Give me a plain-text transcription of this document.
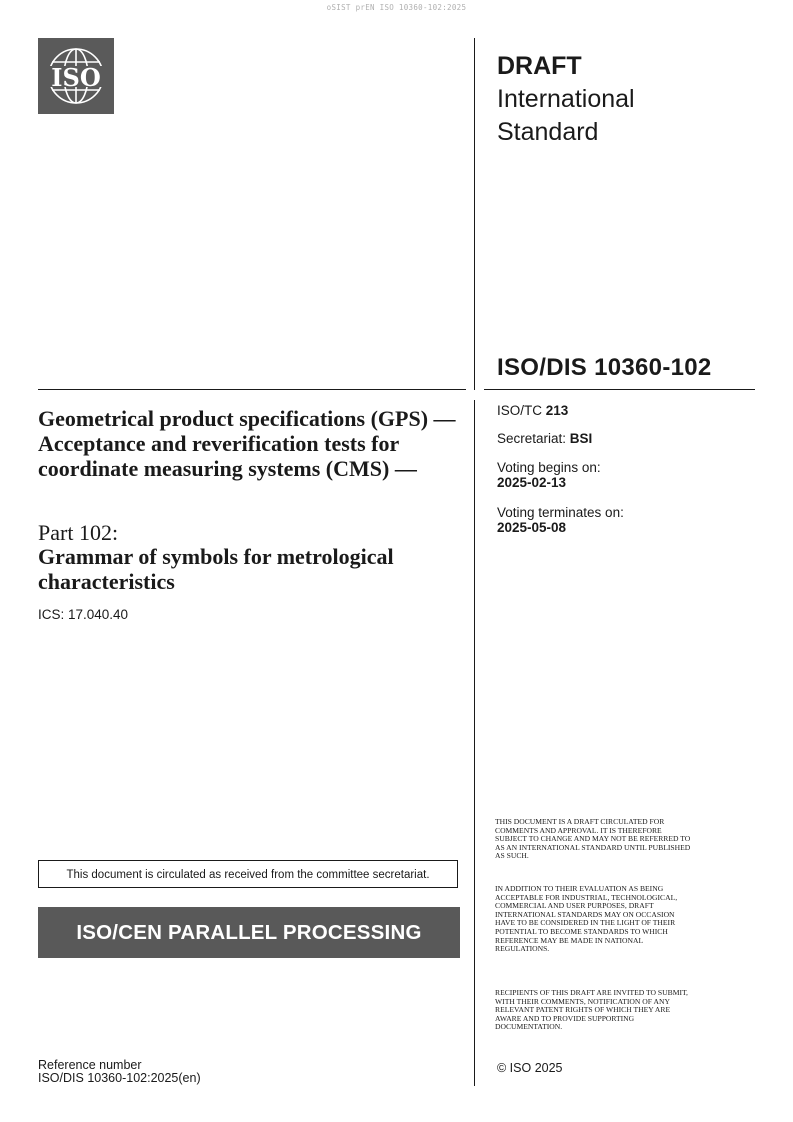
oSIST prEN ISO 10360-102:2025
ISO	DRAFT
International
Standard
ISO/DIS 10360-102
Geometrical product specifications (GPS) — Acceptance and reverification tests for coordinate measuring systems (CMS) —
Part 102:
Grammar of symbols for metrological characteristics
ICS: 17.040.40
ISO/TC 213
Secretariat: BSI
Voting begins on:
2025-02-13
Voting terminates on:
2025-05-08
This document is circulated as received from the committee secretariat.
ISO/CEN PARALLEL PROCESSING
Reference number
ISO/DIS 10360-102:2025(en)
THIS DOCUMENT IS A DRAFT CIRCULATED FOR COMMENTS AND APPROVAL. IT IS THEREFORE SUBJECT TO CHANGE AND MAY NOT BE REFERRED TO AS AN INTERNATIONAL STANDARD UNTIL PUBLISHED AS SUCH.
IN ADDITION TO THEIR EVALUATION AS BEING ACCEPTABLE FOR INDUSTRIAL, TECHNOLOGICAL, COMMERCIAL AND USER PURPOSES, DRAFT INTERNATIONAL STANDARDS MAY ON OCCASION HAVE TO BE CONSIDERED IN THE LIGHT OF THEIR POTENTIAL TO BECOME STANDARDS TO WHICH REFERENCE MAY BE MADE IN NATIONAL REGULATIONS.
RECIPIENTS OF THIS DRAFT ARE INVITED TO SUBMIT, WITH THEIR COMMENTS, NOTIFICATION OF ANY RELEVANT PATENT RIGHTS OF WHICH THEY ARE AWARE AND TO PROVIDE SUPPORTING DOCUMENTATION.
© ISO 2025
